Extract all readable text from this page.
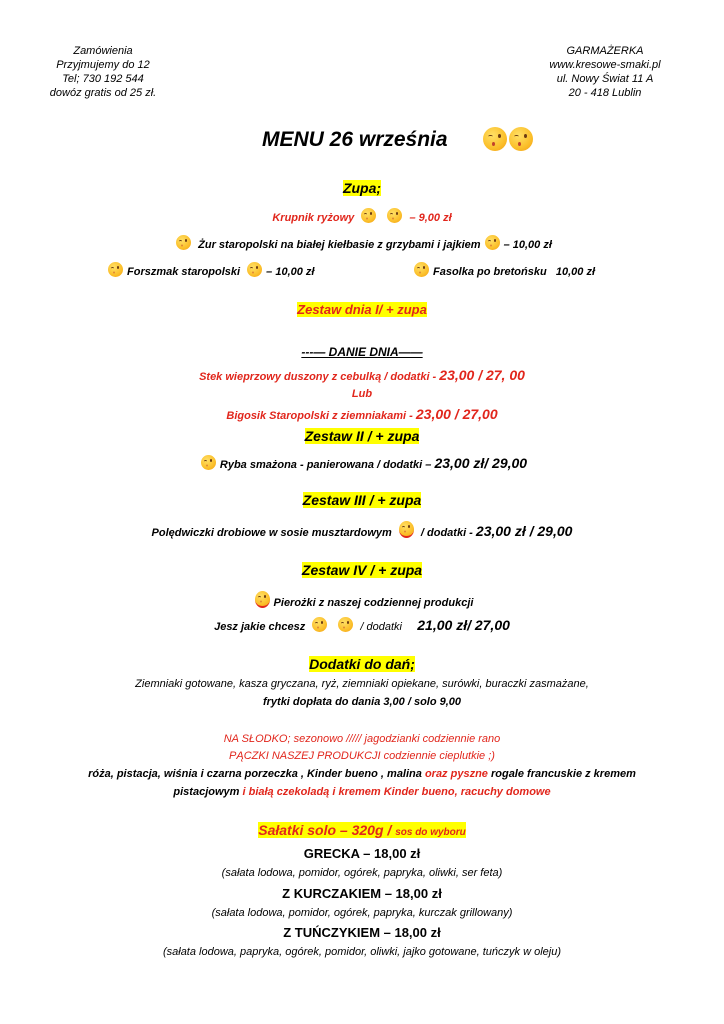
Zamówienia
Przyjmujemy do 12
Tel; 730 192 544
dowóz gratis od 25 zł.
GARMAŻERKA
www.kresowe-smaki.pl
ul. Nowy Świat 11 A
20 - 418 Lublin
MENU 26 września
Zupa;
Krupnik ryżowy	– 9,00 zł
Żur staropolski na białej kiełbasie z grzybami i jajkiem – 10,00 zł
Forszmak staropolski – 10,00 zł	Fasolka po bretońsku 10,00 zł
Zestaw dnia I/ + zupa
---— DANIE DNIA——
Stek wieprzowy duszony z cebulką / dodatki - 23,00 / 27, 00
Lub
Bigosik Staropolski z ziemniakami - 23,00 / 27,00
Zestaw II / + zupa
Ryba smażona - panierowana / dodatki – 23,00 zł/ 29,00
Zestaw III / + zupa
Polędwiczki drobiowe w sosie musztardowym  / dodatki - 23,00 zł / 29,00
Zestaw IV / + zupa
Pierożki z naszej codziennej produkcji
Jesz jakie chcesz	/ dodatki 21,00 zł/ 27,00
Dodatki do dań;
Ziemniaki gotowane, kasza gryczana, ryż, ziemniaki opiekane, surówki, buraczki zasmażane,
frytki dopłata do dania 3,00 / solo 9,00
NA SŁODKO; sezonowo ///// jagodzianki codziennie rano
PĄCZKI NASZEJ PRODUKCJI codziennie cieplutkie ;)
róża, pistacja, wiśnia i czarna porzeczka , Kinder bueno , malina oraz pyszne rogale francuskie z kremem
pistacjowym i białą czekoladą i kremem Kinder bueno, racuchy domowe
Sałatki solo – 320g / sos do wyboru
GRECKA – 18,00 zł
(sałata lodowa, pomidor, ogórek, papryka, oliwki, ser feta)
Z KURCZAKIEM – 18,00 zł
(sałata lodowa, pomidor, ogórek, papryka, kurczak grillowany)
Z TUŃCZYKIEM – 18,00 zł
(sałata lodowa, papryka, ogórek, pomidor, oliwki, jajko gotowane, tuńczyk w oleju)
